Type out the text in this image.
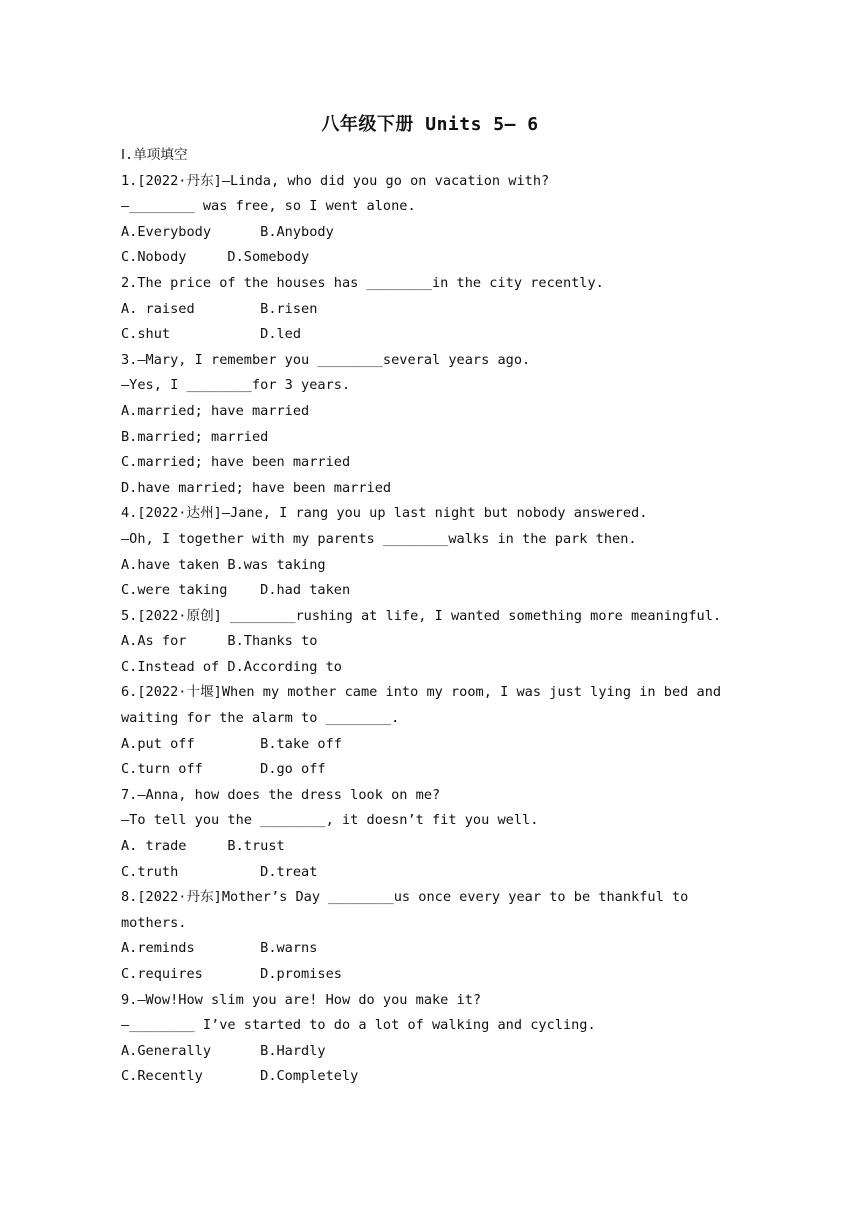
八年级下册 Units 5— 6
Ⅰ.单项填空
1.[2022·丹东]—Linda, who did you go on vacation with?
—________ was free, so I went alone.
A.Everybody      B.Anybody
C.Nobody     D.Somebody
2.The price of the houses has ________in the city recently.
A. raised        B.risen
C.shut           D.led
3.—Mary, I remember you ________several years ago.
—Yes, I ________for 3 years.
A.married; have married
B.married; married
C.married; have been married
D.have married; have been married
4.[2022·达州]—Jane, I rang you up last night but nobody answered.
—Oh, I together with my parents ________walks in the park then.
A.have taken B.was taking
C.were taking    D.had taken
5.[2022·原创] ________rushing at life, I wanted something more meaningful.
A.As for     B.Thanks to
C.Instead of D.According to
6.[2022·十堰]When my mother came into my room, I was just lying in bed and
waiting for the alarm to ________.
A.put off        B.take off
C.turn off       D.go off
7.—Anna, how does the dress look on me?
—To tell you the ________, it doesn’t fit you well.
A. trade     B.trust
C.truth          D.treat
8.[2022·丹东]Mother’s Day ________us once every year to be thankful to
mothers.
A.reminds        B.warns
C.requires       D.promises
9.—Wow!How slim you are! How do you make it?
—________ I’ve started to do a lot of walking and cycling.
A.Generally      B.Hardly
C.Recently       D.Completely
